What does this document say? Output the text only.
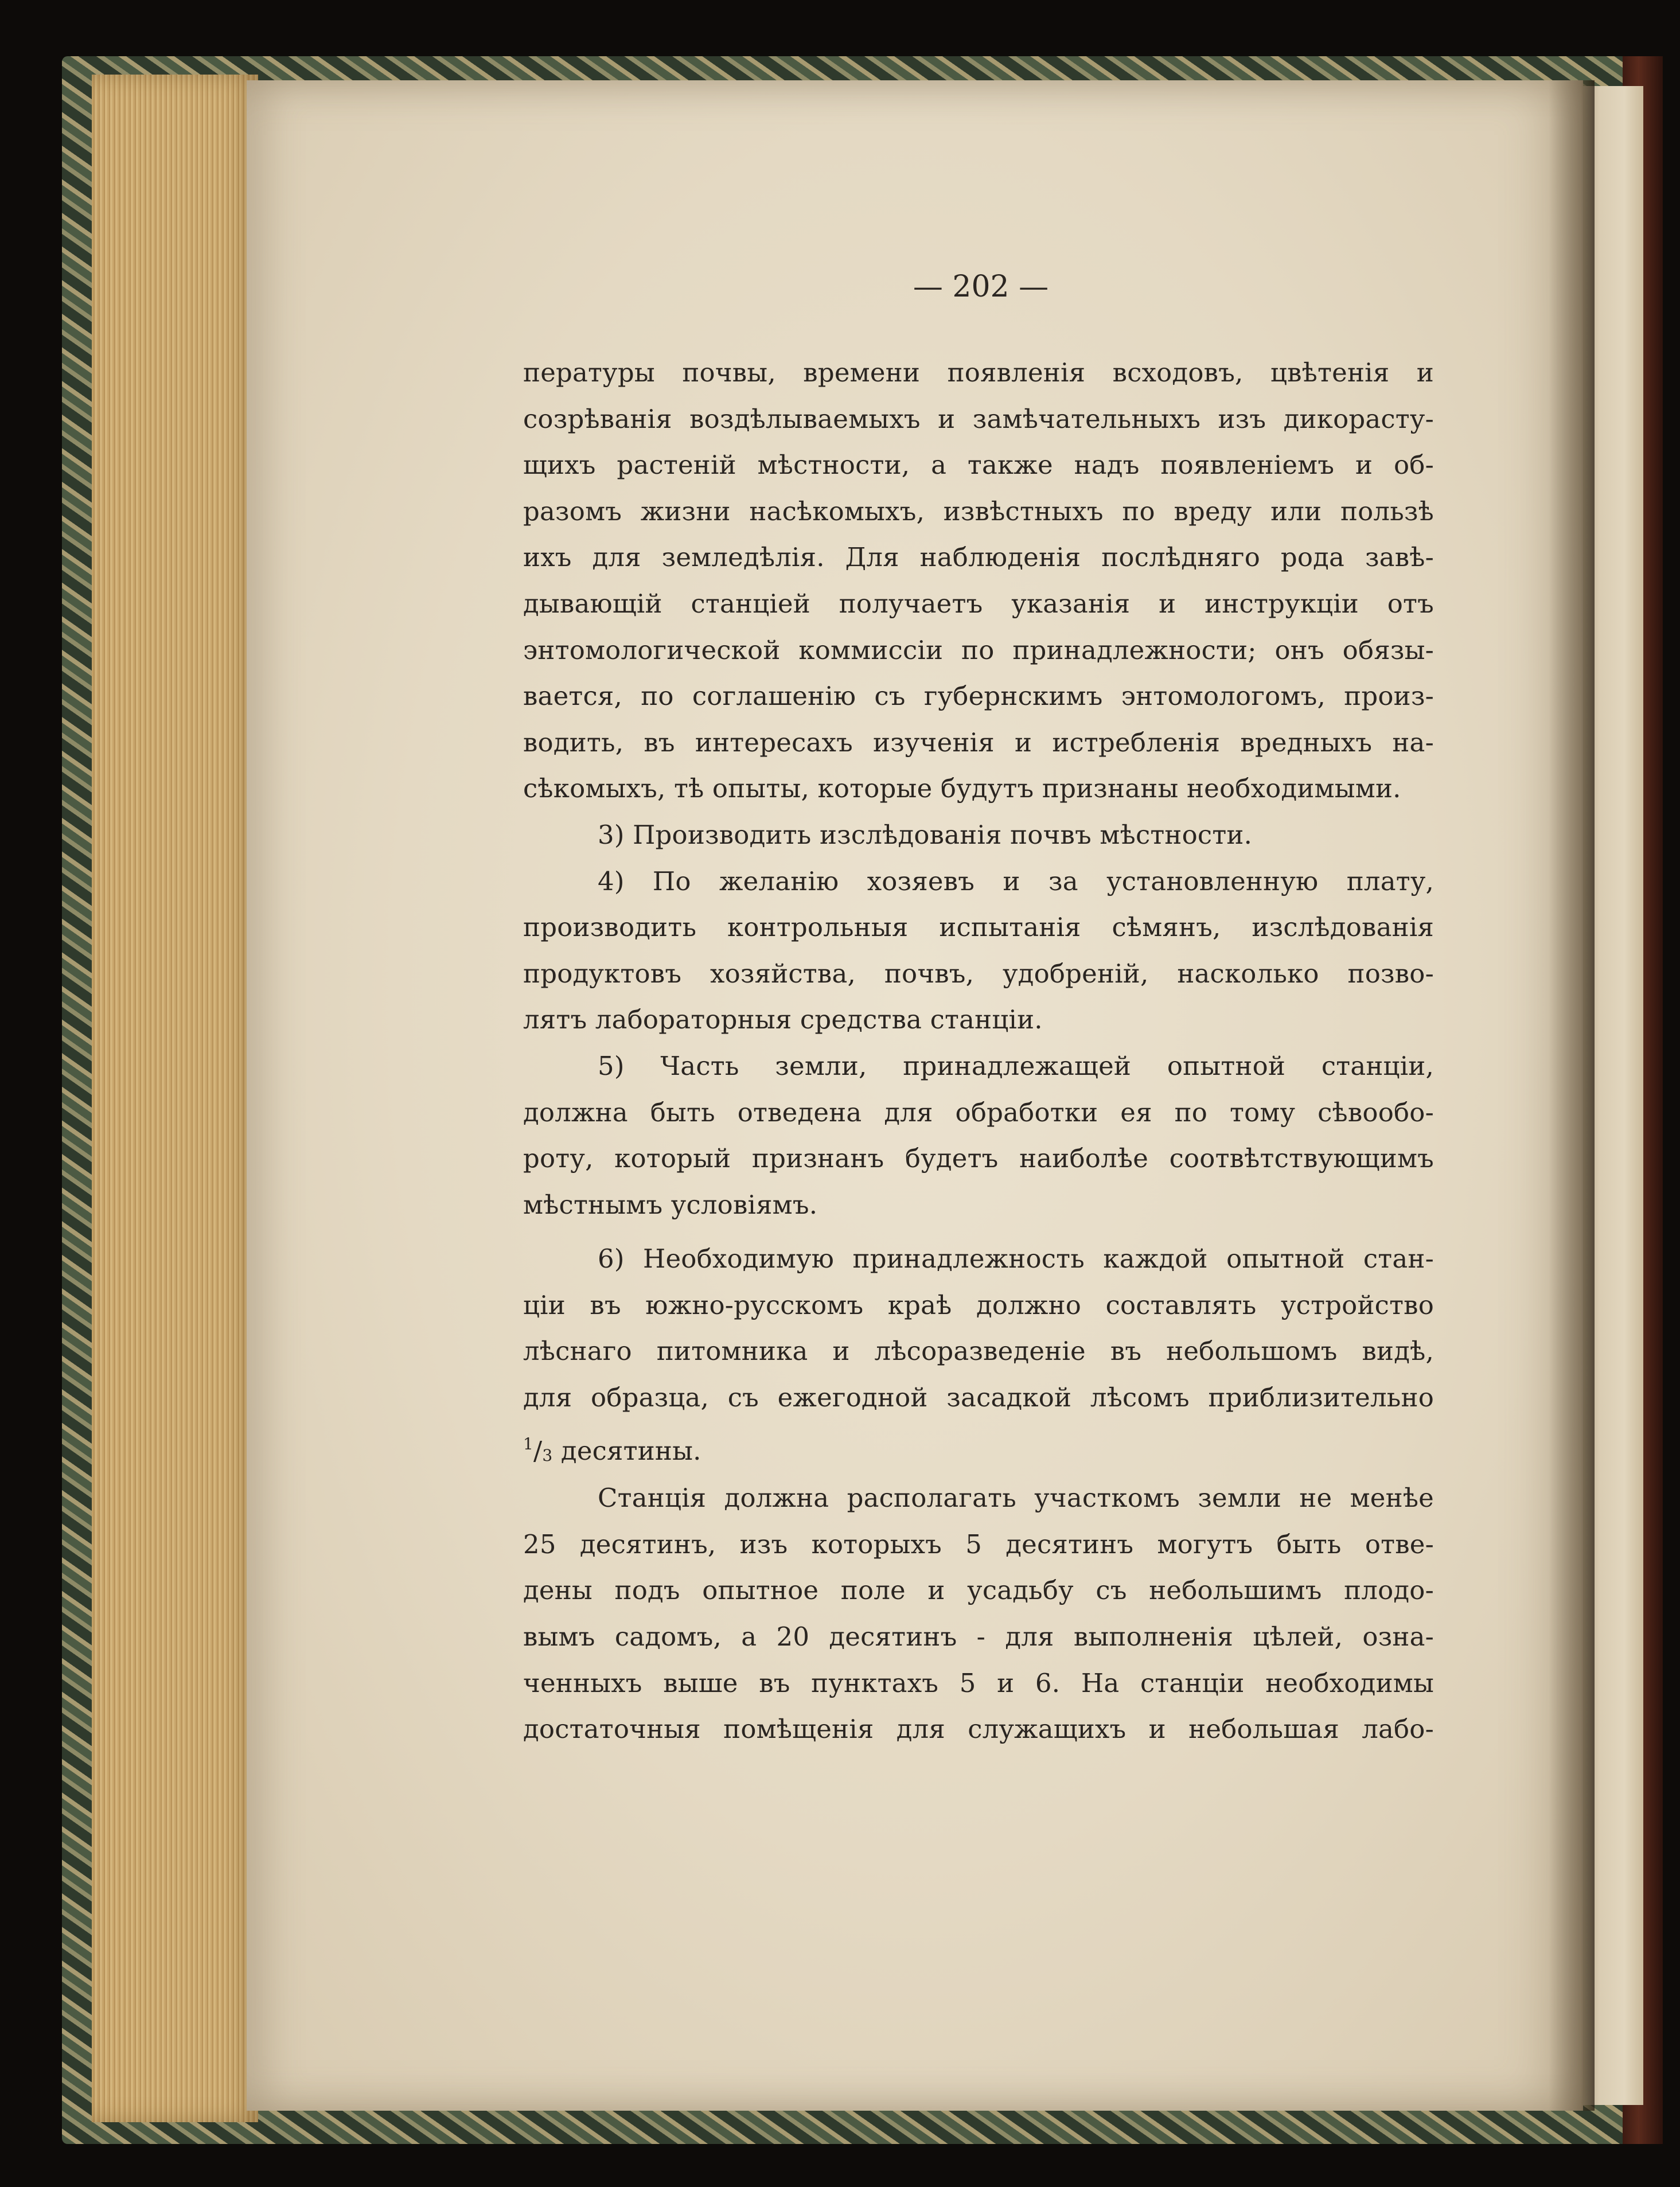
— 202 —
пературы почвы, времени появленія всходовъ, цвѣтенія и
созрѣванія воздѣлываемыхъ и замѣчательныхъ изъ дикорасту-
щихъ растеній мѣстности, а также надъ появленіемъ и об-
разомъ жизни насѣкомыхъ, извѣстныхъ по вреду или пользѣ
ихъ для земледѣлія. Для наблюденія послѣдняго рода завѣ-
дывающій станціей получаетъ указанія и инструкціи отъ
энтомологической коммиссіи по принадлежности; онъ обязы-
вается, по соглашенію съ губернскимъ энтомологомъ, произ-
водить, въ интересахъ изученія и истребленія вредныхъ на-
сѣкомыхъ, тѣ опыты, которые будутъ признаны необходимыми.
3) Производить изслѣдованія почвъ мѣстности.
4) По желанію хозяевъ и за установленную плату,
производить контрольныя испытанія сѣмянъ, изслѣдованія
продуктовъ хозяйства, почвъ, удобреній, насколько позво-
лятъ лабораторныя средства станціи.
5) Часть земли, принадлежащей опытной станціи,
должна быть отведена для обработки ея по тому сѣвообо-
роту, который признанъ будетъ наиболѣе соотвѣтствующимъ
мѣстнымъ условіямъ.
6) Необходимую принадлежность каждой опытной стан-
ціи въ южно-русскомъ краѣ должно составлять устройство
лѣснаго питомника и лѣсоразведеніе въ небольшомъ видѣ,
для образца, съ ежегодной засадкой лѣсомъ приблизительно
$^1/_3$ десятины.
Станція должна располагать участкомъ земли не менѣе
25 десятинъ, изъ которыхъ 5 десятинъ могутъ быть отве-
дены подъ опытное поле и усадьбу съ небольшимъ плодо-
вымъ садомъ, а 20 десятинъ - для выполненія цѣлей, озна-
ченныхъ выше въ пунктахъ 5 и 6. На станціи необходимы
достаточныя помѣщенія для служащихъ и небольшая лабо-
